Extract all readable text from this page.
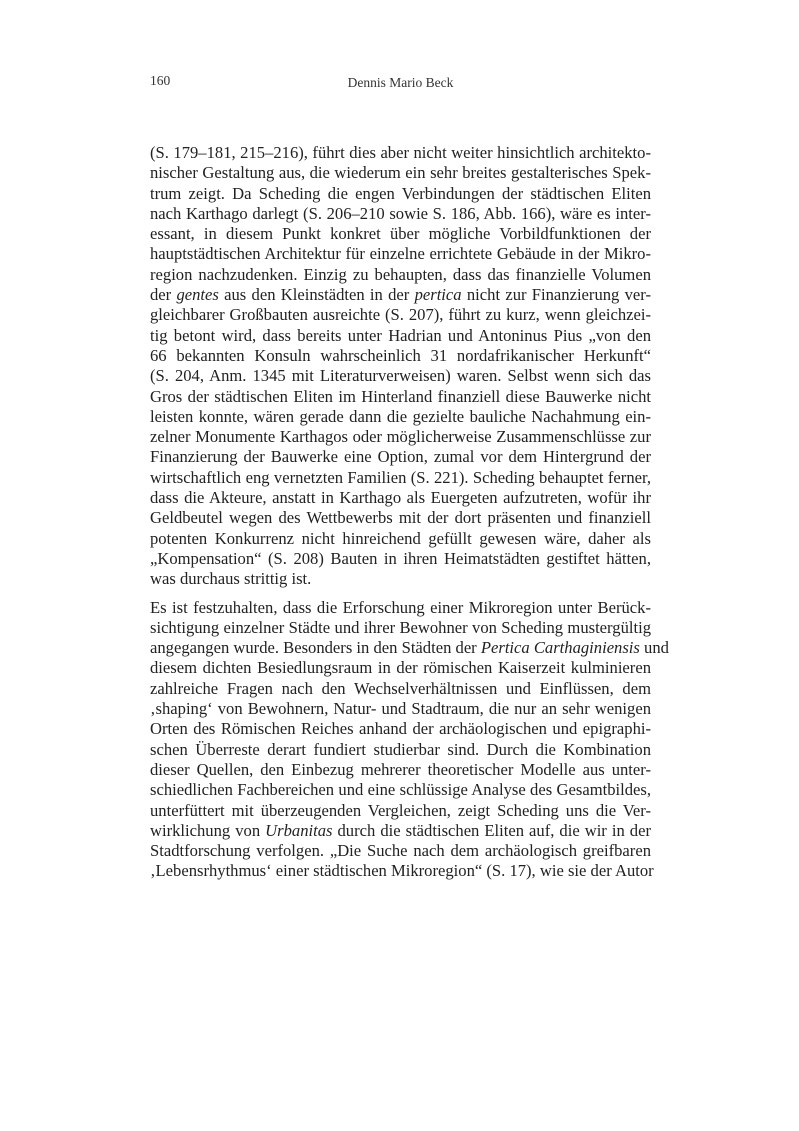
160	Dennis Mario Beck
(S. 179–181, 215–216), führt dies aber nicht weiter hinsichtlich architekto-
nischer Gestaltung aus, die wiederum ein sehr breites gestalterisches Spek-
trum zeigt. Da Scheding die engen Verbindungen der städtischen Eliten
nach Karthago darlegt (S. 206–210 sowie S. 186, Abb. 166), wäre es inter-
essant, in diesem Punkt konkret über mögliche Vorbildfunktionen der
hauptstädtischen Architektur für einzelne errichtete Gebäude in der Mikro-
region nachzudenken. Einzig zu behaupten, dass das finanzielle Volumen
der gentes aus den Kleinstädten in der pertica nicht zur Finanzierung ver-
gleichbarer Großbauten ausreichte (S. 207), führt zu kurz, wenn gleichzei-
tig betont wird, dass bereits unter Hadrian und Antoninus Pius „von den
66 bekannten Konsuln wahrscheinlich 31 nordafrikanischer Herkunft“
(S. 204, Anm. 1345 mit Literaturverweisen) waren. Selbst wenn sich das
Gros der städtischen Eliten im Hinterland finanziell diese Bauwerke nicht
leisten konnte, wären gerade dann die gezielte bauliche Nachahmung ein-
zelner Monumente Karthagos oder möglicherweise Zusammenschlüsse zur
Finanzierung der Bauwerke eine Option, zumal vor dem Hintergrund der
wirtschaftlich eng vernetzten Familien (S. 221). Scheding behauptet ferner,
dass die Akteure, anstatt in Karthago als Euergeten aufzutreten, wofür ihr
Geldbeutel wegen des Wettbewerbs mit der dort präsenten und finanziell
potenten Konkurrenz nicht hinreichend gefüllt gewesen wäre, daher als
„Kompensation“ (S. 208) Bauten in ihren Heimatstädten gestiftet hätten,
was durchaus strittig ist.
Es ist festzuhalten, dass die Erforschung einer Mikroregion unter Berück-
sichtigung einzelner Städte und ihrer Bewohner von Scheding mustergültig
angegangen wurde. Besonders in den Städten der Pertica Carthaginiensis und
diesem dichten Besiedlungsraum in der römischen Kaiserzeit kulminieren
zahlreiche Fragen nach den Wechselverhältnissen und Einflüssen, dem
‚shaping‘ von Bewohnern, Natur- und Stadtraum, die nur an sehr wenigen
Orten des Römischen Reiches anhand der archäologischen und epigraphi-
schen Überreste derart fundiert studierbar sind. Durch die Kombination
dieser Quellen, den Einbezug mehrerer theoretischer Modelle aus unter-
schiedlichen Fachbereichen und eine schlüssige Analyse des Gesamtbildes,
unterfüttert mit überzeugenden Vergleichen, zeigt Scheding uns die Ver-
wirklichung von Urbanitas durch die städtischen Eliten auf, die wir in der
Stadtforschung verfolgen. „Die Suche nach dem archäologisch greifbaren
‚Lebensrhythmus‘ einer städtischen Mikroregion“ (S. 17), wie sie der Autor
